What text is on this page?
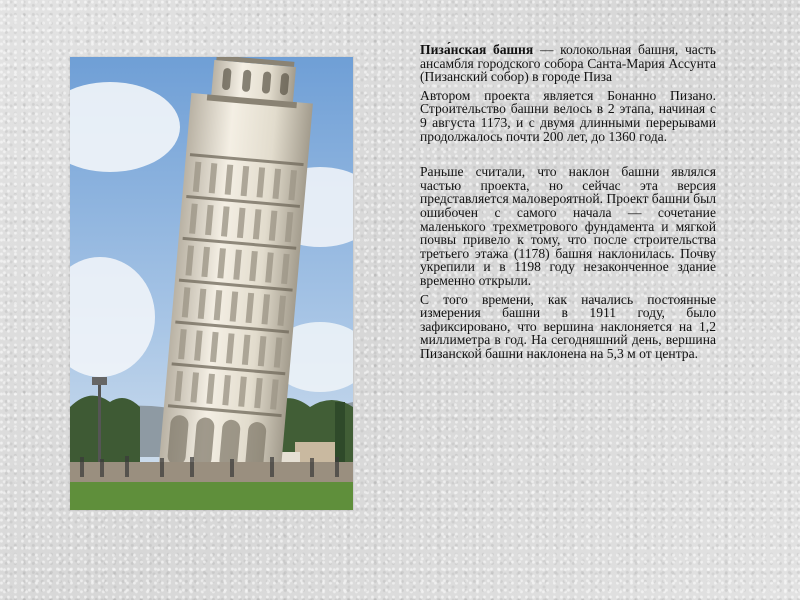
Пиза́нская башня — колокольная башня, часть ансамбля городского собора Санта-Мария Ассунта (Пизанский собор) в городе Пиза

Автором проекта является Бонанно Пизано. Строительство башни велось в 2 этапа, начиная с 9 августа 1173, и с двумя длинными перерывами продолжалось почти 200 лет, до 1360 года.

Раньше считали, что наклон башни являлся частью проекта, но сейчас эта версия представляется маловероятной. Проект башни был ошибочен с самого начала — сочетание маленького трехметрового фундамента и мягкой почвы привело к тому, что после строительства третьего этажа (1178) башня наклонилась. Почву укрепили и в 1198 году незаконченное здание временно открыли.

С того времени, как начались постоянные измерения башни в 1911 году, было зафиксировано, что вершина наклоняется на 1,2 миллиметра в год. На сегодняшний день, вершина Пизанской башни наклонена на 5,3 м от центра.
